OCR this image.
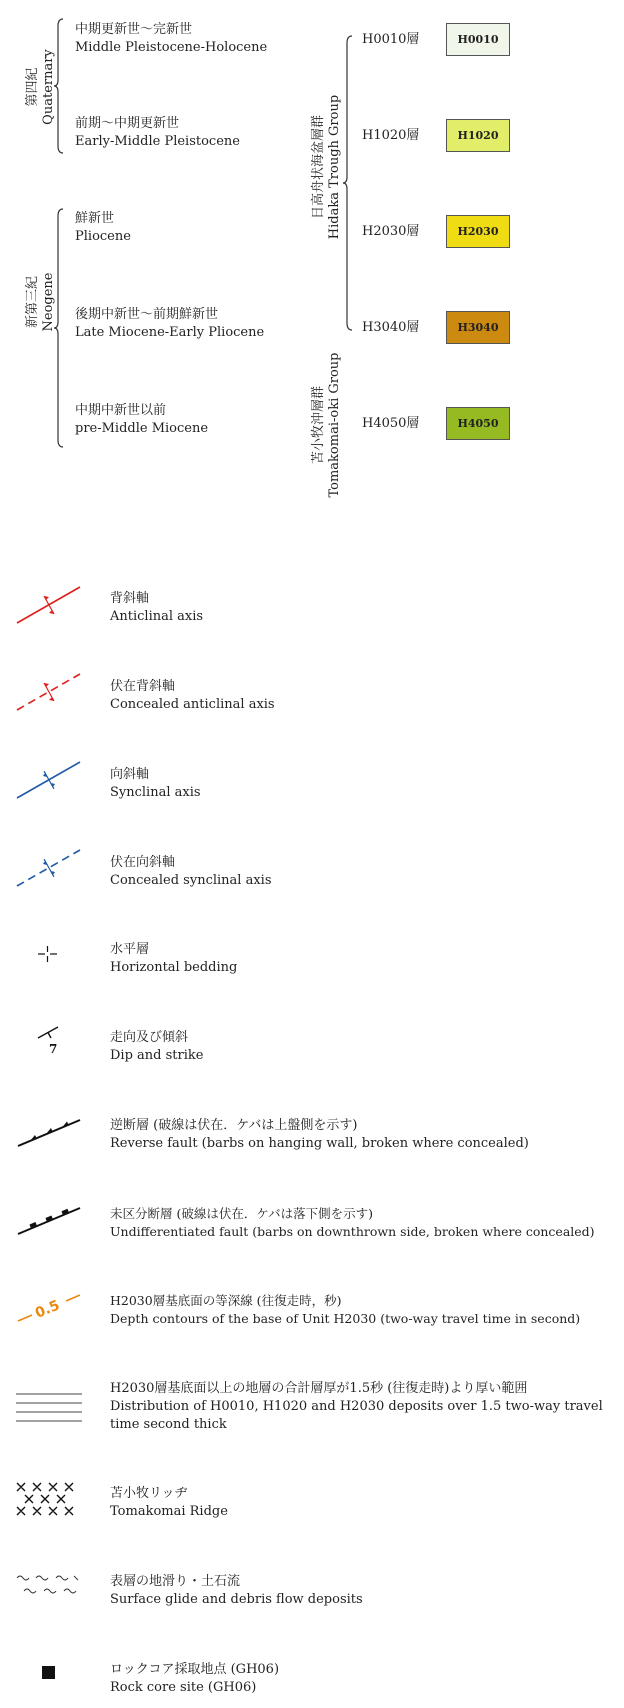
第四紀 Quaternary
新第三紀 Neogene
中期更新世～完新世
Middle Pleistocene-Holocene
前期～中期更新世
Early-Middle Pleistocene
鮮新世
Pliocene
後期中新世～前期鮮新世
Late Miocene-Early Pliocene
中期中新世以前
pre-Middle Miocene
日高舟状海盆層群 Hidaka Trough Group
苫小牧沖層群 Tomakomai-oki Group
H0010層	H0010
H1020層	H1020
H2030層	H2030
H3040層	H3040
H4050層	H4050
7
0.5
背斜軸
Anticlinal axis
伏在背斜軸
Concealed anticlinal axis
向斜軸
Synclinal axis
伏在向斜軸
Concealed synclinal axis
水平層
Horizontal bedding
走向及び傾斜
Dip and strike
逆断層 (破線は伏在．ケバは上盤側を示す)
Reverse fault (barbs on hanging wall, broken where concealed)
未区分断層 (破線は伏在．ケバは落下側を示す)
Undifferentiated fault (barbs on downthrown side, broken where concealed)
H2030層基底面の等深線 (往復走時，秒)
Depth contours of the base of Unit H2030 (two-way travel time in second)
H2030層基底面以上の地層の合計層厚が1.5秒 (往復走時)より厚い範囲
Distribution of H0010, H1020 and H2030 deposits over 1.5 two-way travel time second thick
苫小牧リッヂ
Tomakomai Ridge
表層の地滑り・土石流
Surface glide and debris flow deposits
ロックコア採取地点 (GH06)
Rock core site (GH06)
